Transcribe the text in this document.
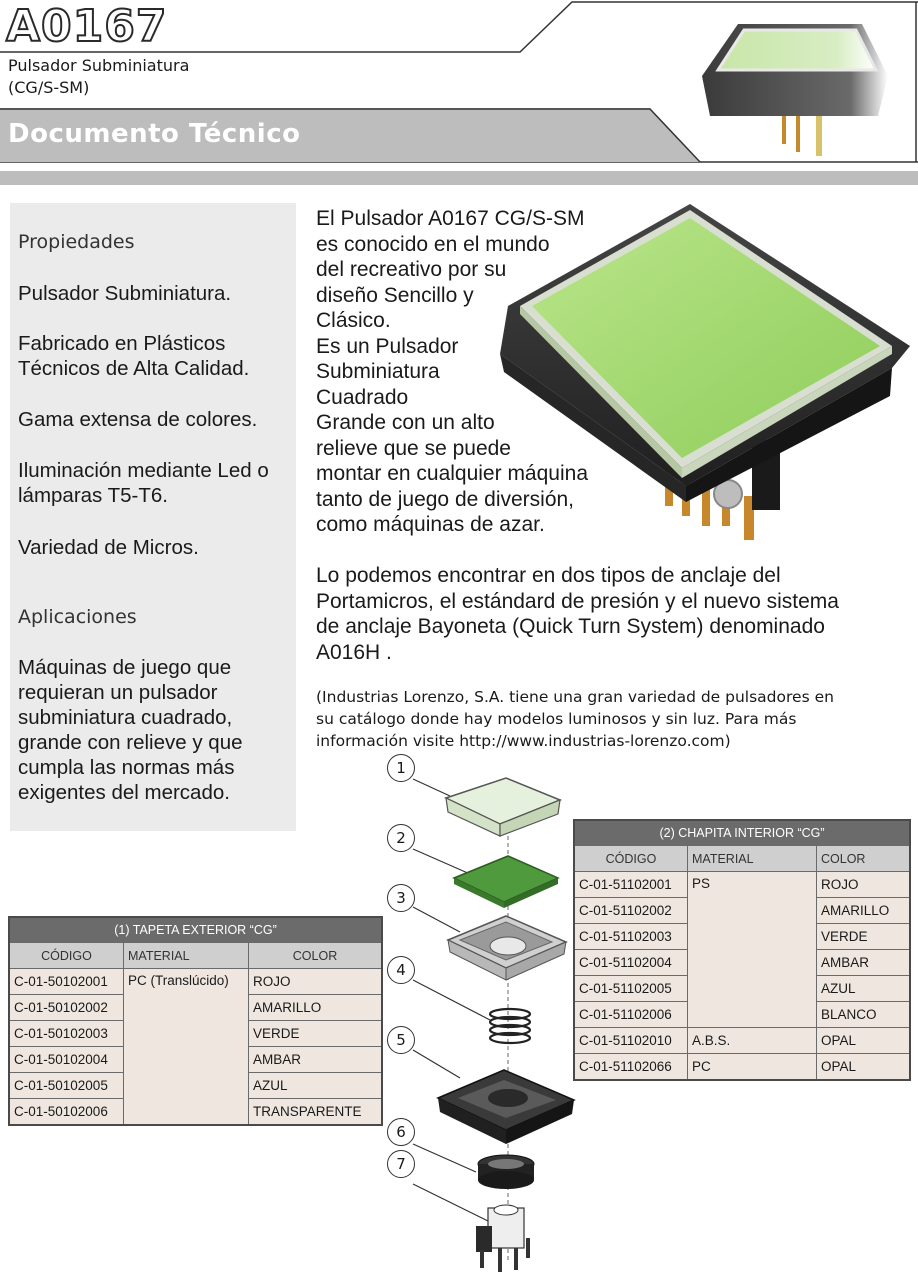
A0167
Pulsador Subminiatura
(CG/S-SM)
Documento Técnico
Propiedades
Pulsador Subminiatura.
Fabricado en Plásticos Técnicos de Alta Calidad.
Gama extensa de colores.
Iluminación mediante Led o lámparas T5-T6.
Variedad de Micros.
Aplicaciones
Máquinas de juego que requieran un pulsador subminiatura cuadrado, grande con relieve y que cumpla las normas más exigentes del mercado.
El Pulsador A0167 CG/S-SM
es conocido en el mundo
del recreativo por su
diseño Sencillo y
Clásico.
Es un Pulsador
Subminiatura
Cuadrado
Grande con un alto
relieve que se puede
montar en cualquier máquina
tanto de juego de diversión,
como máquinas de azar.
Lo podemos encontrar en dos tipos de anclaje del
Portamicros, el estándard de presión y el nuevo sistema
de anclaje Bayoneta (Quick Turn System) denominado
A016H .
(Industrias Lorenzo, S.A. tiene una gran variedad de pulsadores en
su catálogo donde hay modelos luminosos y sin luz. Para más
información visite http://www.industrias-lorenzo.com)
1
2
3
4
5
6
7
(1) TAPETA EXTERIOR “CG”		
CÓDIGO	MATERIAL	COLOR
C-01-50102001	PC (Translúcido)	ROJO
C-01-50102002		AMARILLO
C-01-50102003		VERDE
C-01-50102004		AMBAR
C-01-50102005		AZUL
C-01-50102006		TRANSPARENTE
(2) CHAPITA INTERIOR “CG”		
CÓDIGO	MATERIAL	COLOR
C-01-51102001	PS	ROJO
C-01-51102002		AMARILLO
C-01-51102003		VERDE
C-01-51102004		AMBAR
C-01-51102005		AZUL
C-01-51102006		BLANCO
C-01-51102010	A.B.S.	OPAL
C-01-51102066	PC	OPAL
